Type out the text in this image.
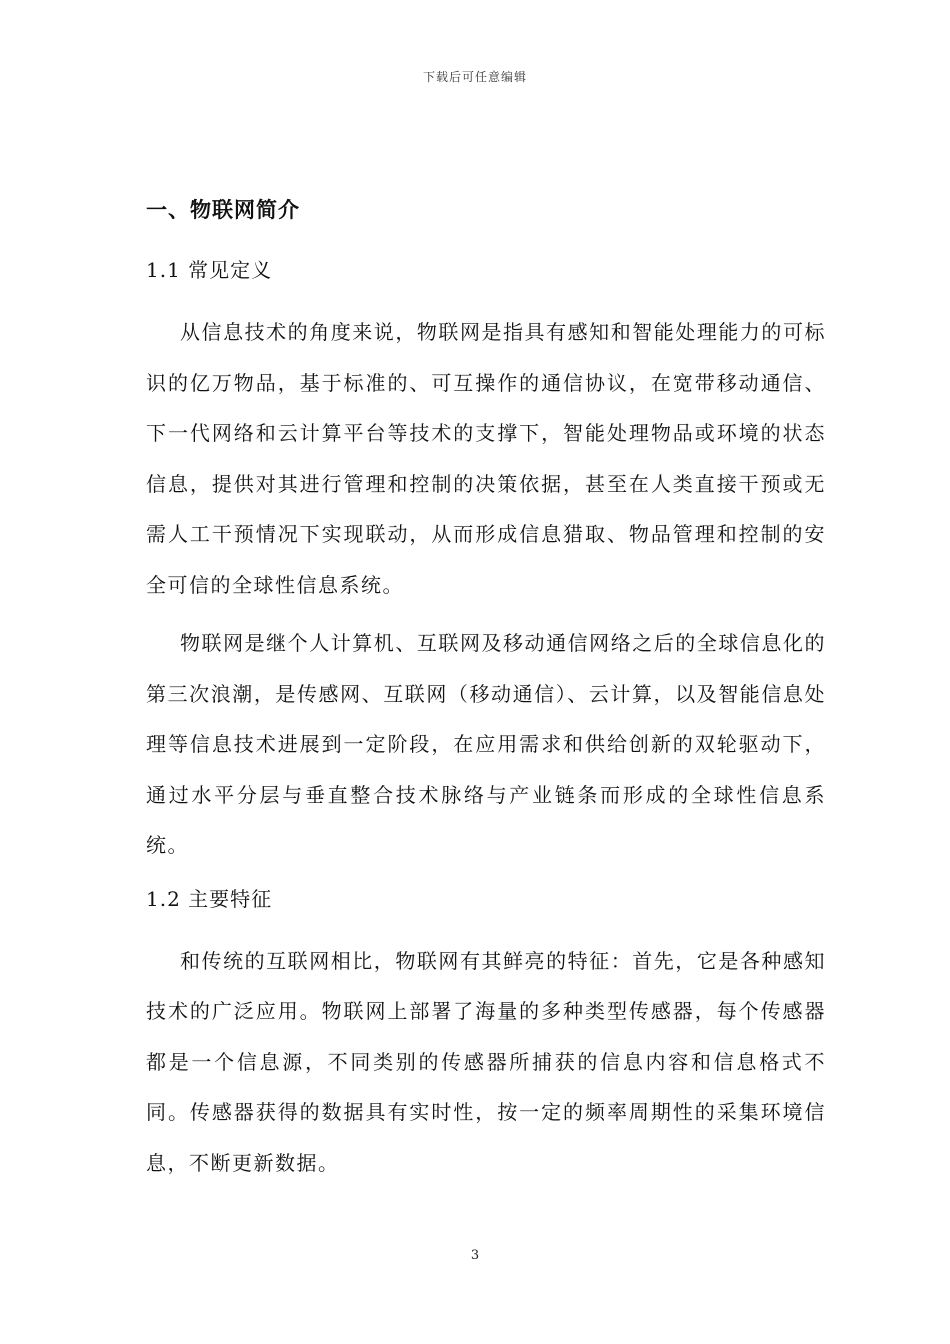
下载后可任意编辑
一、物联网简介
1.1 常见定义

从信息技术的角度来说，物联网是指具有感知和智能处理能力的可标识的亿万物品，基于标准的、可互操作的通信协议，在宽带移动通信、下一代网络和云计算平台等技术的支撑下，智能处理物品或环境的状态信息，提供对其进行管理和控制的决策依据，甚至在人类直接干预或无需人工干预情况下实现联动，从而形成信息猎取、物品管理和控制的安全可信的全球性信息系统。

物联网是继个人计算机、互联网及移动通信网络之后的全球信息化的第三次浪潮，是传感网、互联网（移动通信）、云计算，以及智能信息处理等信息技术进展到一定阶段，在应用需求和供给创新的双轮驱动下，通过水平分层与垂直整合技术脉络与产业链条而形成的全球性信息系统。

1.2 主要特征

和传统的互联网相比，物联网有其鲜亮的特征：首先，它是各种感知技术的广泛应用。物联网上部署了海量的多种类型传感器，每个传感器都是一个信息源，不同类别的传感器所捕获的信息内容和信息格式不同。传感器获得的数据具有实时性，按一定的频率周期性的采集环境信息，不断更新数据。

3
